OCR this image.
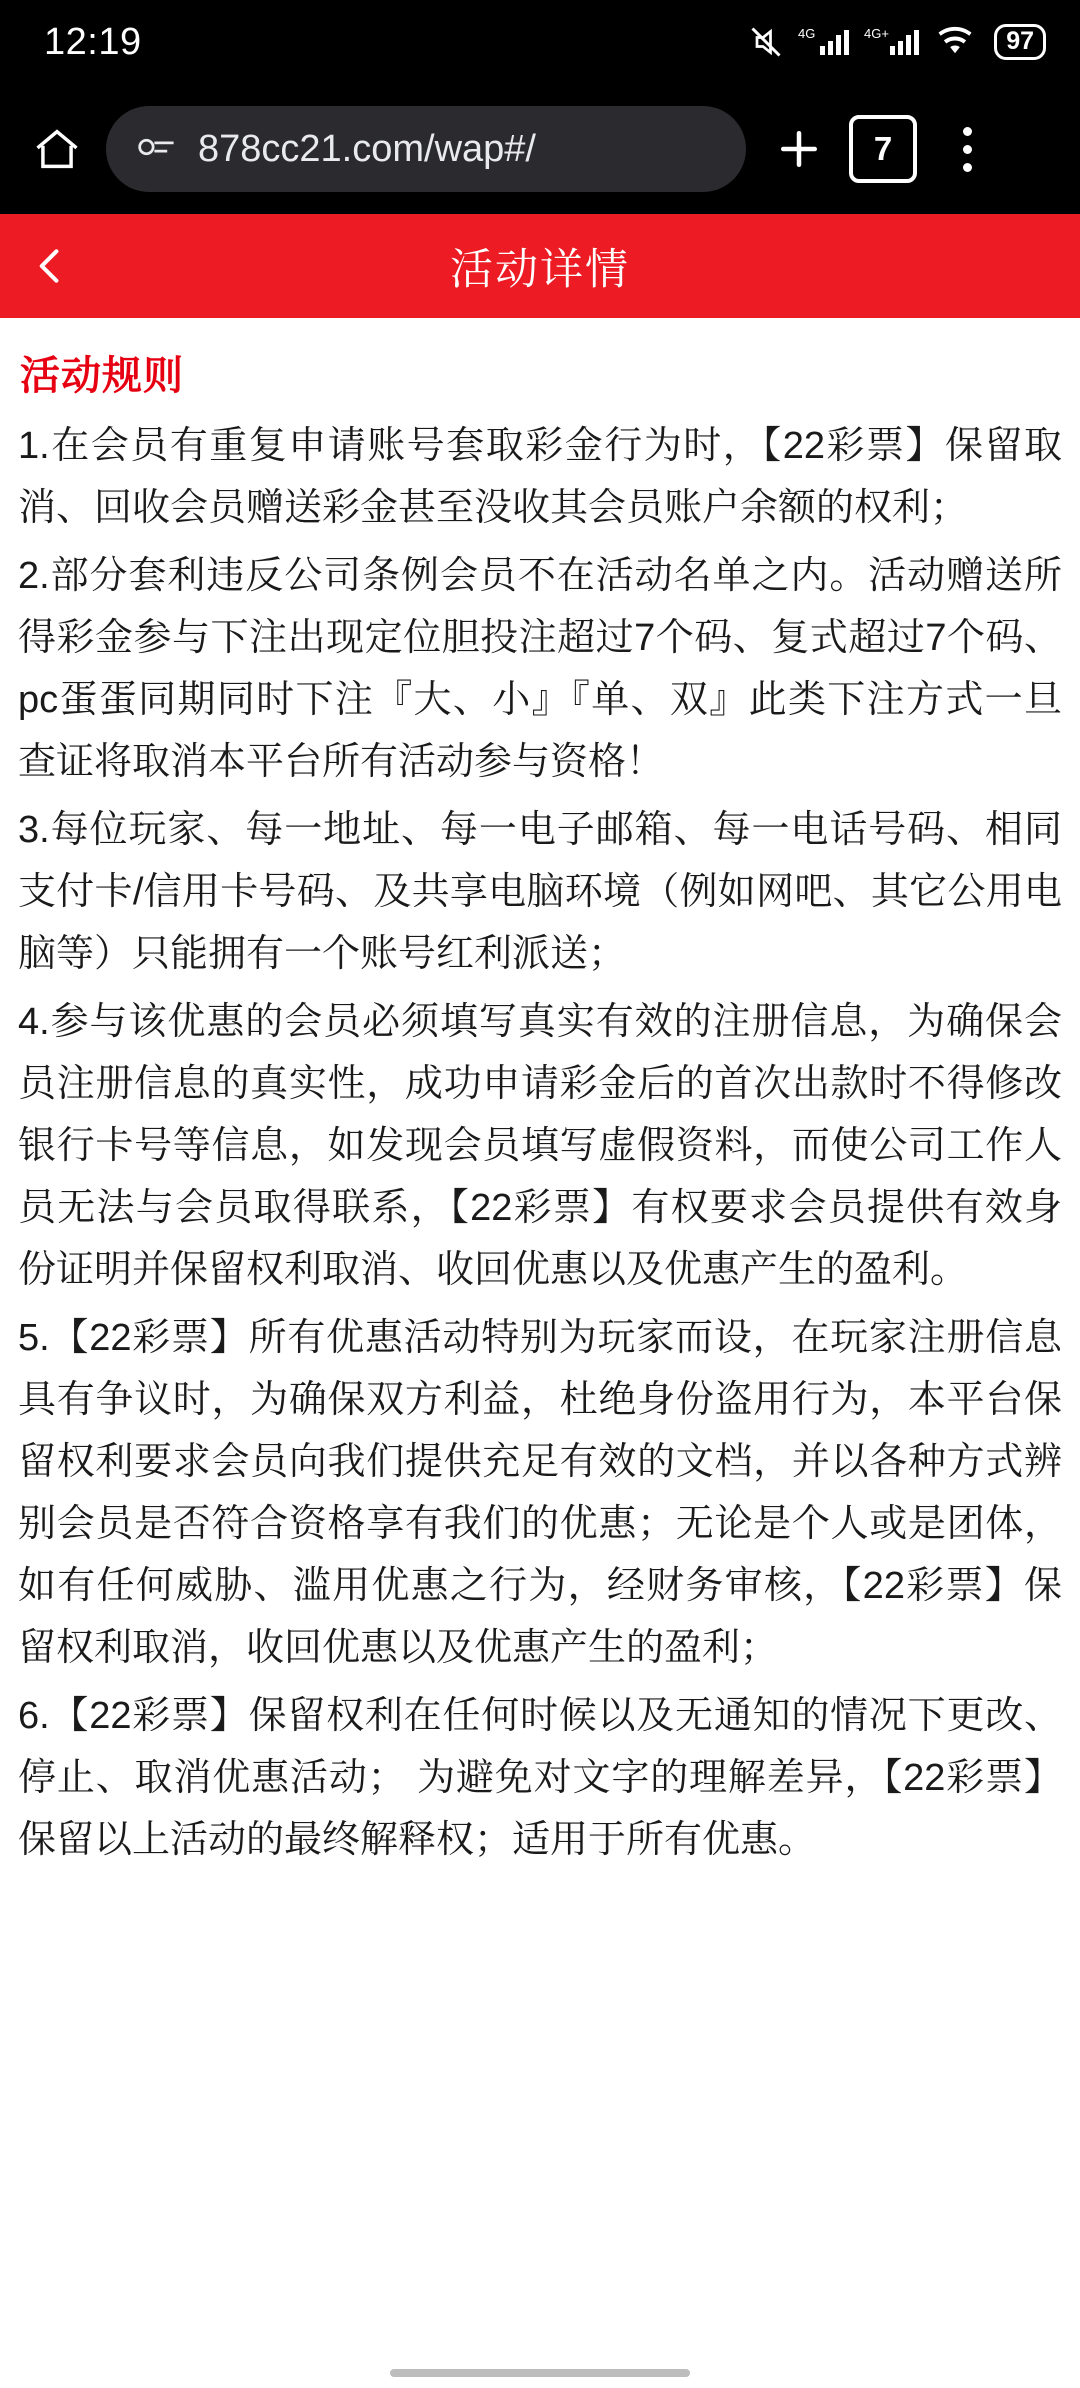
12:19	4G	4G+	97
878cc21.com/wap#/	7
活动详情
活动规则

1.在会员有重复申请账号套取彩金行为时，【22彩票】保留取消、回收会员赠送彩金甚至没收其会员账户余额的权利；

2.部分套利违反公司条例会员不在活动名单之内。活动赠送所得彩金参与下注出现定位胆投注超过7个码、复式超过7个码、pc蛋蛋同期同时下注『大、小』『单、双』此类下注方式一旦查证将取消本平台所有活动参与资格！

3.每位玩家、每一地址、每一电子邮箱、每一电话号码、相同支付卡/信用卡号码、及共享电脑环境（例如网吧、其它公用电脑等）只能拥有一个账号红利派送；

4.参与该优惠的会员必须填写真实有效的注册信息，为确保会员注册信息的真实性，成功申请彩金后的首次出款时不得修改银行卡号等信息，如发现会员填写虚假资料，而使公司工作人员无法与会员取得联系，【22彩票】有权要求会员提供有效身份证明并保留权利取消、收回优惠以及优惠产生的盈利。

5.【22彩票】所有优惠活动特别为玩家而设，在玩家注册信息具有争议时，为确保双方利益，杜绝身份盗用行为，本平台保留权利要求会员向我们提供充足有效的文档，并以各种方式辨别会员是否符合资格享有我们的优惠；无论是个人或是团体，如有任何威胁、滥用优惠之行为，经财务审核，【22彩票】保留权利取消，收回优惠以及优惠产生的盈利；

6.【22彩票】保留权利在任何时候以及无通知的情况下更改、停止、取消优惠活动； 为避免对文字的理解差异，【22彩票】保留以上活动的最终解释权；适用于所有优惠。
